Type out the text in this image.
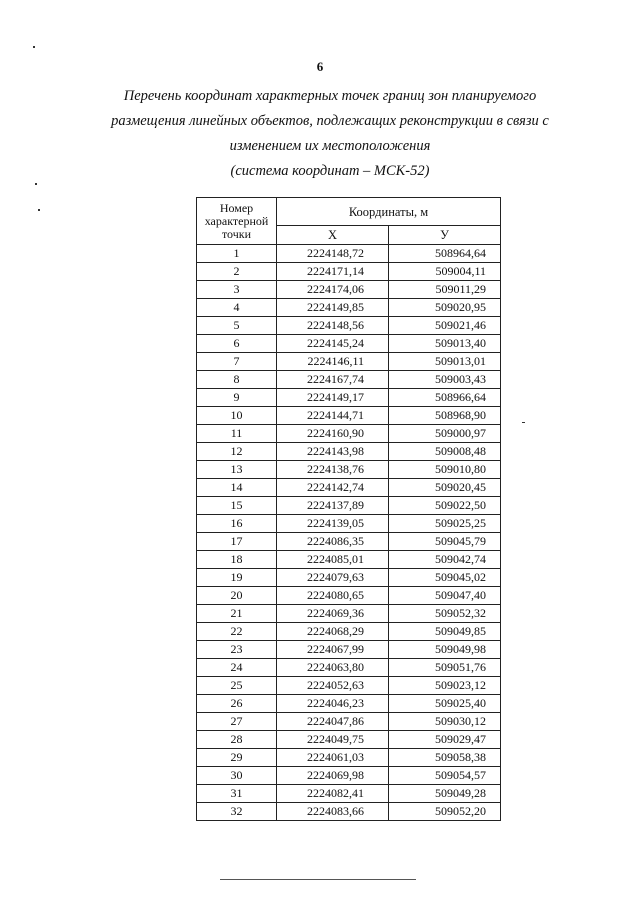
6
Перечень координат характерных точек границ зон планируемого
размещения линейных объектов, подлежащих реконструкции в связи с
изменением их местоположения
(система координат – МСК-52)
Номер
характерной
точки	Координаты, м	
	X	У
1	2224148,72	508964,64
2	2224171,14	509004,11
3	2224174,06	509011,29
4	2224149,85	509020,95
5	2224148,56	509021,46
6	2224145,24	509013,40
7	2224146,11	509013,01
8	2224167,74	509003,43
9	2224149,17	508966,64
10	2224144,71	508968,90
11	2224160,90	509000,97
12	2224143,98	509008,48
13	2224138,76	509010,80
14	2224142,74	509020,45
15	2224137,89	509022,50
16	2224139,05	509025,25
17	2224086,35	509045,79
18	2224085,01	509042,74
19	2224079,63	509045,02
20	2224080,65	509047,40
21	2224069,36	509052,32
22	2224068,29	509049,85
23	2224067,99	509049,98
24	2224063,80	509051,76
25	2224052,63	509023,12
26	2224046,23	509025,40
27	2224047,86	509030,12
28	2224049,75	509029,47
29	2224061,03	509058,38
30	2224069,98	509054,57
31	2224082,41	509049,28
32	2224083,66	509052,20
